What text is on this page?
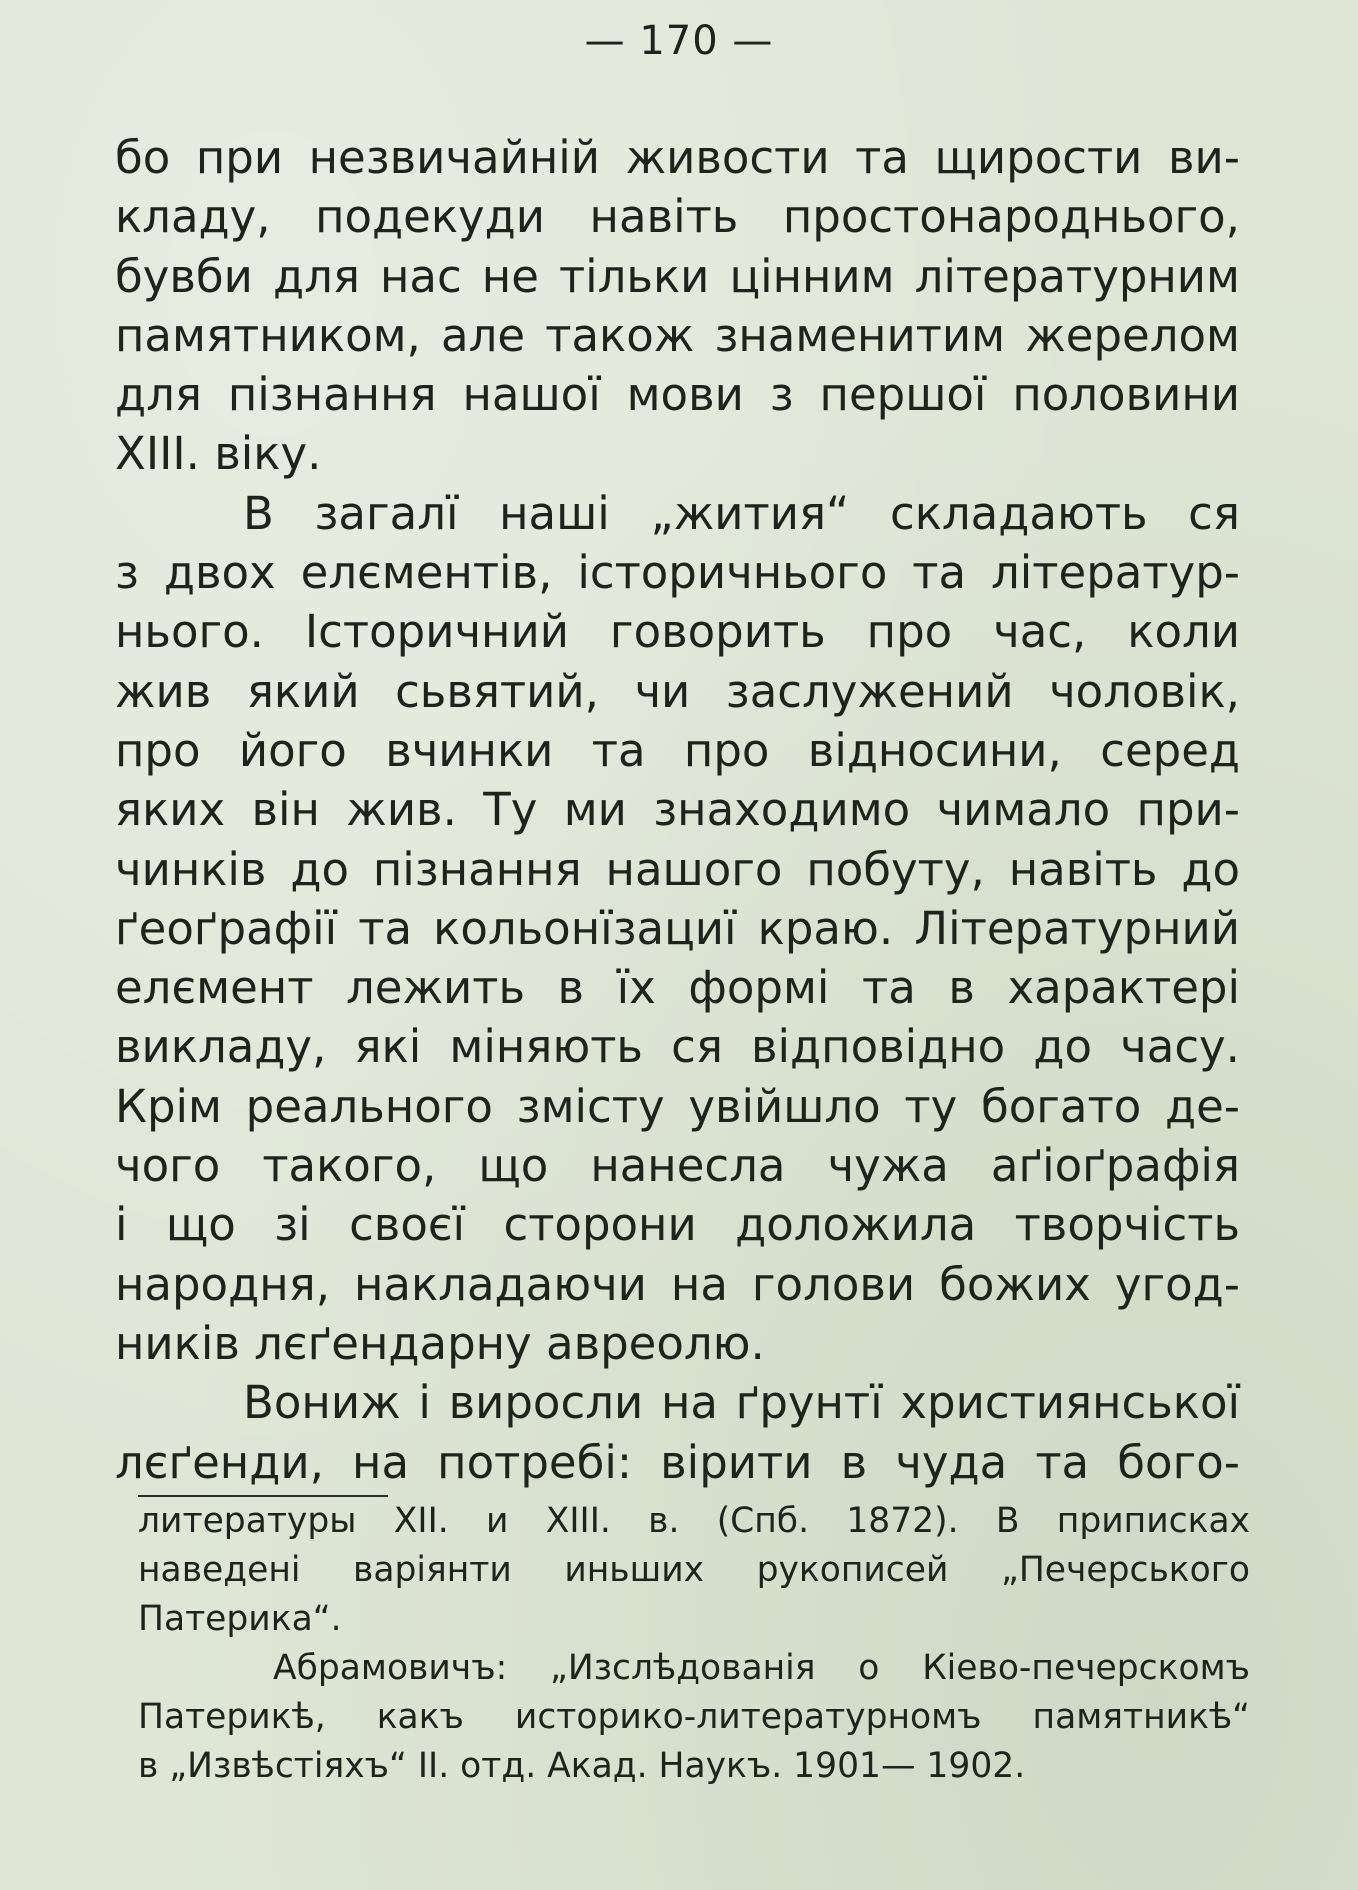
— 170 —
бо при незвичайній живости та щирости ви-
кладу, подекуди навіть простонароднього,
бувби для нас не тільки цінним літературним
памятником, але також знаменитим жерелом
для пізнання нашої мови з першої половини
XIII. віку.
В загалї наші „жития“ складають ся
з двох елєментів, історичнього та літератур-
нього. Історичний говорить про час, коли
жив який сьвятий, чи заслужений чоловік,
про його вчинки та про відносини, серед
яких він жив. Ту ми знаходимо чимало при-
чинків до пізнання нашого побуту, навіть до
ґеоґрафії та кольонїзациї краю. Літературний
елємент лежить в їх формі та в характері
викладу, які міняють ся відповідно до часу.
Крім реального змісту увійшло ту богато де-
чого такого, що нанесла чужа аґіоґрафія
і що зі своєї сторони доложила творчість
народня, накладаючи на голови божих угод-
ників лєґендарну авреолю.
Вониж і виросли на ґрунтї християнської
лєґенди, на потребі: вірити в чуда та бого-
литературы XII. и XIII. в. (Спб. 1872). В приписках
наведені варіянти иньших рукописей „Печерського
Патерика“.
Абрамовичъ: „Изслѣдованія о Кіево-печерскомъ
Патерикѣ, какъ историко-литературномъ памятникѣ“
в „Извѣстіяхъ“ II. отд. Акад. Наукъ. 1901— 1902.
